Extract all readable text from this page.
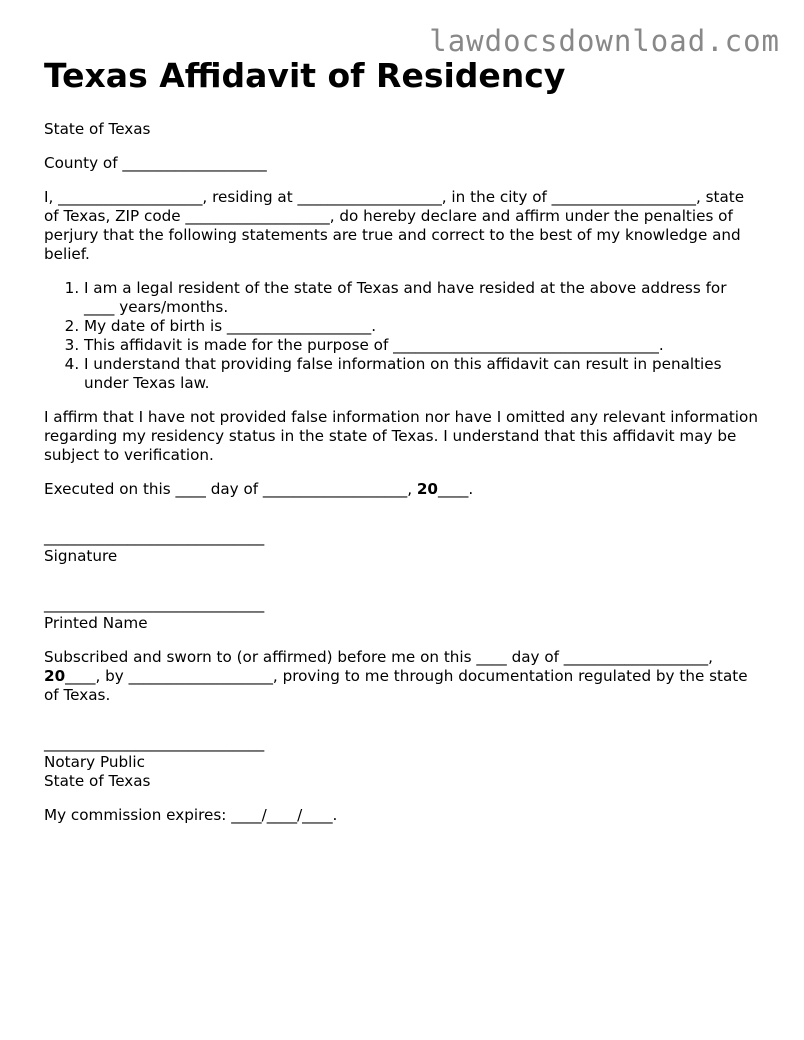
lawdocsdownload.com
Texas Affidavit of Residency

State of Texas

County of ___________________

I, ___________________, residing at ___________________, in the city of ___________________, state of Texas, ZIP code ___________________, do hereby declare and affirm under the penalties of perjury that the following statements are true and correct to the best of my knowledge and belief.

1. I am a legal resident of the state of Texas and have resided at the above address for ____ years/months.
2. My date of birth is ___________________.
3. This affidavit is made for the purpose of ___________________________________.
4. I understand that providing false information on this affidavit can result in penalties under Texas law.

I affirm that I have not provided false information nor have I omitted any relevant information regarding my residency status in the state of Texas. I understand that this affidavit may be subject to verification.

Executed on this ____ day of ___________________, 20____.

_____________________________
Signature
_____________________________
Printed Name

Subscribed and sworn to (or affirmed) before me on this ____ day of ___________________, 20____, by ___________________, proving to me through documentation regulated by the state of Texas.

_____________________________
Notary Public
State of Texas

My commission expires: ____/____/____.
